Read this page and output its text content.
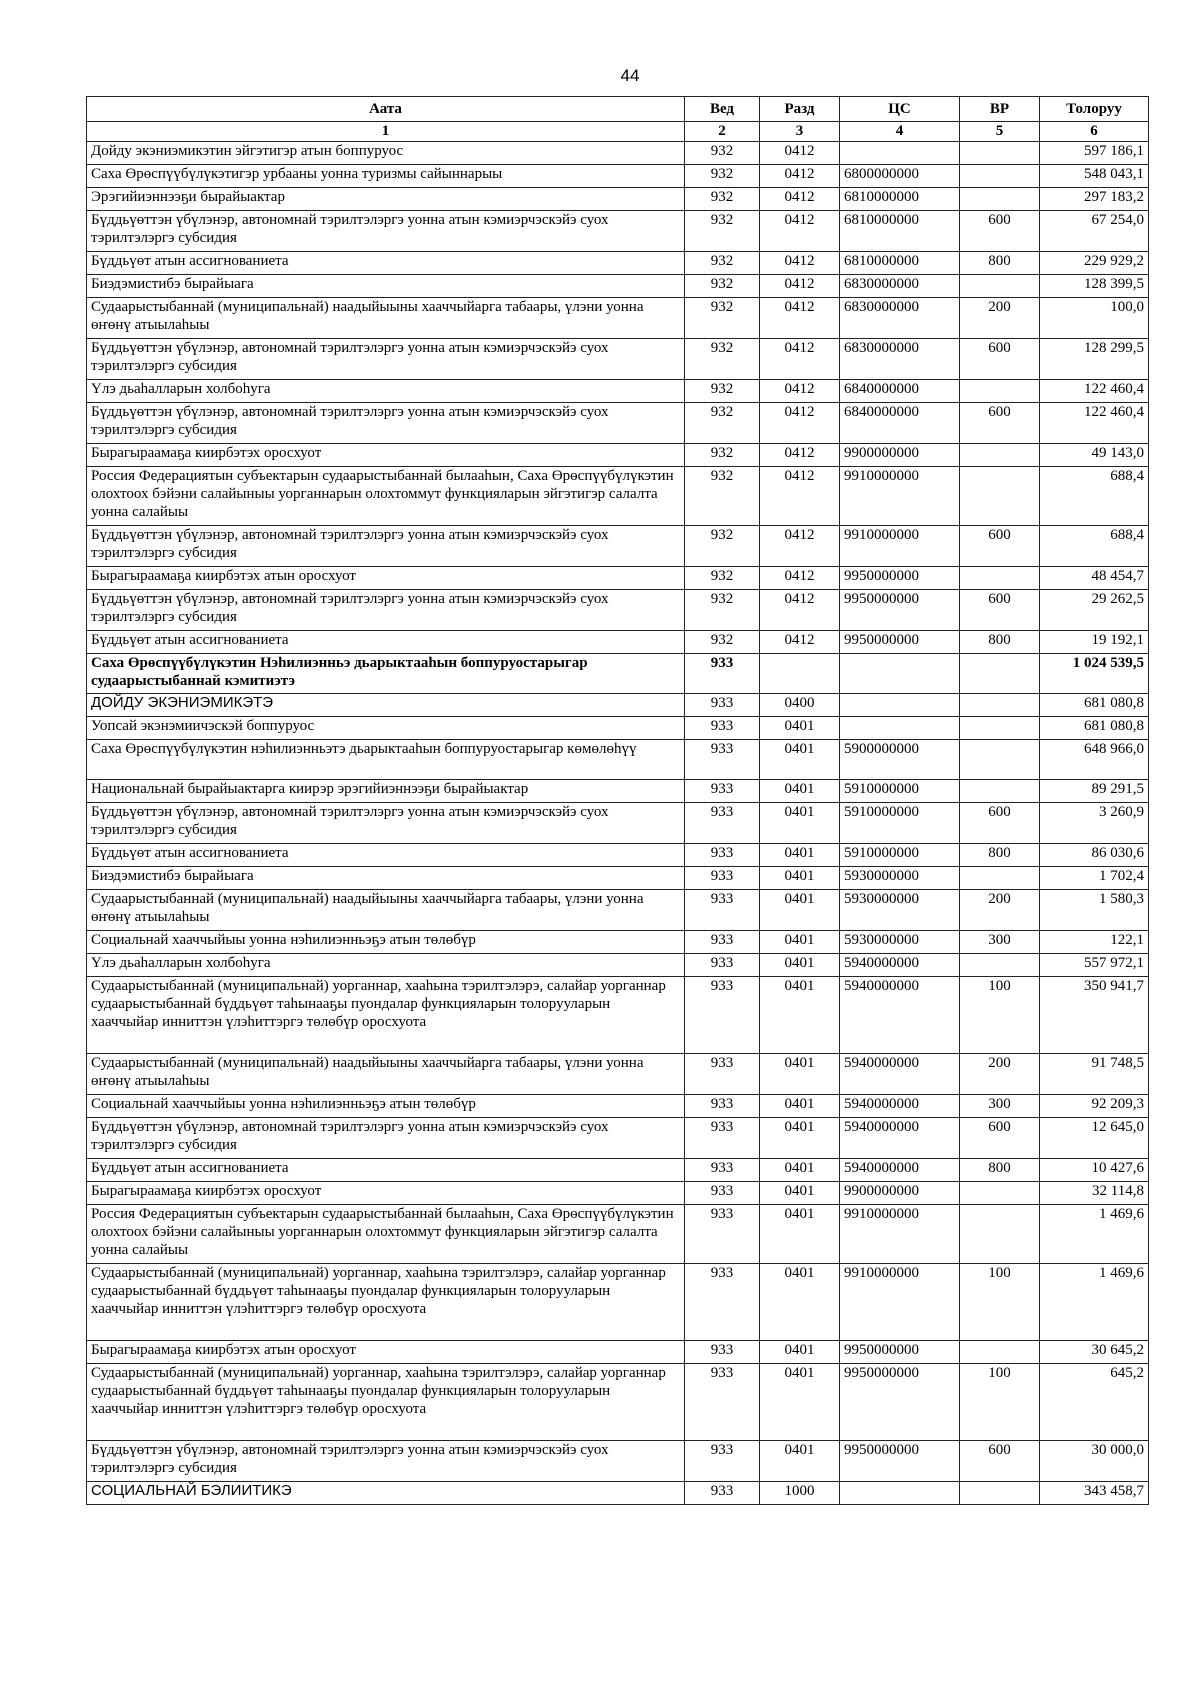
44
Аата	Вед	Разд	ЦС	ВР	Толоруу
1	2	3	4	5	6
Дойду экэниэмикэтин эйгэтигэр атын боппуруос	932	0412			597 186,1
Саха Өрөспүүбүлүкэтигэр урбааны уонна туризмы сайыннарыы	932	0412	6800000000		548 043,1
Эрэгийиэннээҕи бырайыактар	932	0412	6810000000		297 183,2
Бүддьүөттэн үбүлэнэр, автономнай тэрилтэлэргэ уонна атын кэмиэрчэскэйэ суох тэрилтэлэргэ субсидия	932	0412	6810000000	600	67 254,0
Бүддьүөт атын ассигнованиета	932	0412	6810000000	800	229 929,2
Биэдэмистибэ бырайыага	932	0412	6830000000		128 399,5
Судаарыстыбаннай (муниципальнай) наадыйыыны хааччыйарга табаары, үлэни уонна өҥөнү атыылаһыы	932	0412	6830000000	200	100,0
Бүддьүөттэн үбүлэнэр, автономнай тэрилтэлэргэ уонна атын кэмиэрчэскэйэ суох тэрилтэлэргэ субсидия	932	0412	6830000000	600	128 299,5
Үлэ дьаһалларын холбоһуга	932	0412	6840000000		122 460,4
Бүддьүөттэн үбүлэнэр, автономнай тэрилтэлэргэ уонна атын кэмиэрчэскэйэ суох тэрилтэлэргэ субсидия	932	0412	6840000000	600	122 460,4
Бырагыраамаҕа киирбэтэх оросхуот	932	0412	9900000000		49 143,0
Россия Федерациятын субъектарын судаарыстыбаннай былааһын, Саха Өрөспүүбүлүкэтин олохтоох бэйэни салайыныы уорганнарын олохтоммут функцияларын эйгэтигэр салалта уонна салайыы	932	0412	9910000000		688,4
Бүддьүөттэн үбүлэнэр, автономнай тэрилтэлэргэ уонна атын кэмиэрчэскэйэ суох тэрилтэлэргэ субсидия	932	0412	9910000000	600	688,4
Бырагыраамаҕа киирбэтэх атын оросхуот	932	0412	9950000000		48 454,7
Бүддьүөттэн үбүлэнэр, автономнай тэрилтэлэргэ уонна атын кэмиэрчэскэйэ суох тэрилтэлэргэ субсидия	932	0412	9950000000	600	29 262,5
Бүддьүөт атын ассигнованиета	932	0412	9950000000	800	19 192,1
Саха Өрөспүүбүлүкэтин Нэһилиэнньэ дьарыктааһын боппуруостарыгар судаарыстыбаннай кэмитиэтэ	933				1 024 539,5
ДОЙДУ ЭКЭНИЭМИКЭТЭ	933	0400			681 080,8
Уопсай экэнэмиичэскэй боппуруос	933	0401			681 080,8
Саха Өрөспүүбүлүкэтин нэһилиэнньэтэ дьарыктааһын боппуруостарыгар көмөлөһүү	933	0401	5900000000		648 966,0
Национальнай бырайыактарга киирэр эрэгийиэннээҕи бырайыактар	933	0401	5910000000		89 291,5
Бүддьүөттэн үбүлэнэр, автономнай тэрилтэлэргэ уонна атын кэмиэрчэскэйэ суох тэрилтэлэргэ субсидия	933	0401	5910000000	600	3 260,9
Бүддьүөт атын ассигнованиета	933	0401	5910000000	800	86 030,6
Биэдэмистибэ бырайыага	933	0401	5930000000		1 702,4
Судаарыстыбаннай (муниципальнай) наадыйыыны хааччыйарга табаары, үлэни уонна өҥөнү атыылаһыы	933	0401	5930000000	200	1 580,3
Социальнай хааччыйыы уонна нэһилиэнньэҕэ атын төлөбүр	933	0401	5930000000	300	122,1
Үлэ дьаһалларын холбоһуга	933	0401	5940000000		557 972,1
Судаарыстыбаннай (муниципальнай) уорганнар, хааһына тэрилтэлэрэ, салайар уорганнар судаарыстыбаннай бүддьүөт таһынааҕы пуондалар функцияларын толорууларын хааччыйар инниттэн үлэһиттэргэ төлөбүр оросхуота	933	0401	5940000000	100	350 941,7
Судаарыстыбаннай (муниципальнай) наадыйыыны хааччыйарга табаары, үлэни уонна өҥөнү атыылаһыы	933	0401	5940000000	200	91 748,5
Социальнай хааччыйыы уонна нэһилиэнньэҕэ атын төлөбүр	933	0401	5940000000	300	92 209,3
Бүддьүөттэн үбүлэнэр, автономнай тэрилтэлэргэ уонна атын кэмиэрчэскэйэ суох тэрилтэлэргэ субсидия	933	0401	5940000000	600	12 645,0
Бүддьүөт атын ассигнованиета	933	0401	5940000000	800	10 427,6
Бырагыраамаҕа киирбэтэх оросхуот	933	0401	9900000000		32 114,8
Россия Федерациятын субъектарын судаарыстыбаннай былааһын, Саха Өрөспүүбүлүкэтин олохтоох бэйэни салайыныы уорганнарын олохтоммут функцияларын эйгэтигэр салалта уонна салайыы	933	0401	9910000000		1 469,6
Судаарыстыбаннай (муниципальнай) уорганнар, хааһына тэрилтэлэрэ, салайар уорганнар судаарыстыбаннай бүддьүөт таһынааҕы пуондалар функцияларын толорууларын хааччыйар инниттэн үлэһиттэргэ төлөбүр оросхуота	933	0401	9910000000	100	1 469,6
Бырагыраамаҕа киирбэтэх атын оросхуот	933	0401	9950000000		30 645,2
Судаарыстыбаннай (муниципальнай) уорганнар, хааһына тэрилтэлэрэ, салайар уорганнар судаарыстыбаннай бүддьүөт таһынааҕы пуондалар функцияларын толорууларын хааччыйар инниттэн үлэһиттэргэ төлөбүр оросхуота	933	0401	9950000000	100	645,2
Бүддьүөттэн үбүлэнэр, автономнай тэрилтэлэргэ уонна атын кэмиэрчэскэйэ суох тэрилтэлэргэ субсидия	933	0401	9950000000	600	30 000,0
СОЦИАЛЬНАЙ БЭЛИИТИКЭ	933	1000			343 458,7
